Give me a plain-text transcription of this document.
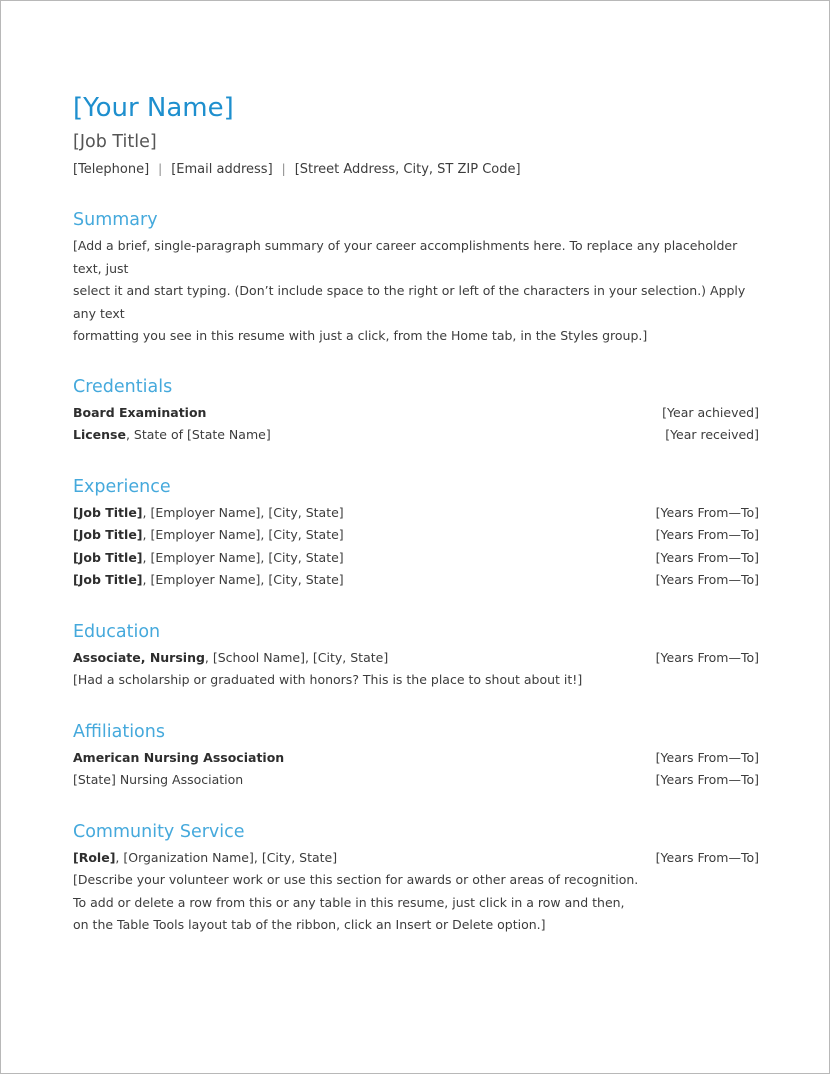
[Your Name]
[Job Title]
[Telephone] | [Email address] | [Street Address, City, ST ZIP Code]
Summary
[Add a brief, single-paragraph summary of your career accomplishments here. To replace any placeholder text, just
select it and start typing. (Don’t include space to the right or left of the characters in your selection.) Apply any text
formatting you see in this resume with just a click, from the Home tab, in the Styles group.]
Credentials
Board Examination	[Year achieved]
License, State of [State Name]	[Year received]
Experience
[Job Title], [Employer Name], [City, State]	[Years From—To]
[Job Title], [Employer Name], [City, State]	[Years From—To]
[Job Title], [Employer Name], [City, State]	[Years From—To]
[Job Title], [Employer Name], [City, State]	[Years From—To]
Education
Associate, Nursing, [School Name], [City, State]	[Years From—To]
[Had a scholarship or graduated with honors? This is the place to shout about it!]
Affiliations
American Nursing Association	[Years From—To]
[State] Nursing Association	[Years From—To]
Community Service
[Role], [Organization Name], [City, State]	[Years From—To]
[Describe your volunteer work or use this section for awards or other areas of recognition.
To add or delete a row from this or any table in this resume, just click in a row and then,
on the Table Tools layout tab of the ribbon, click an Insert or Delete option.]
